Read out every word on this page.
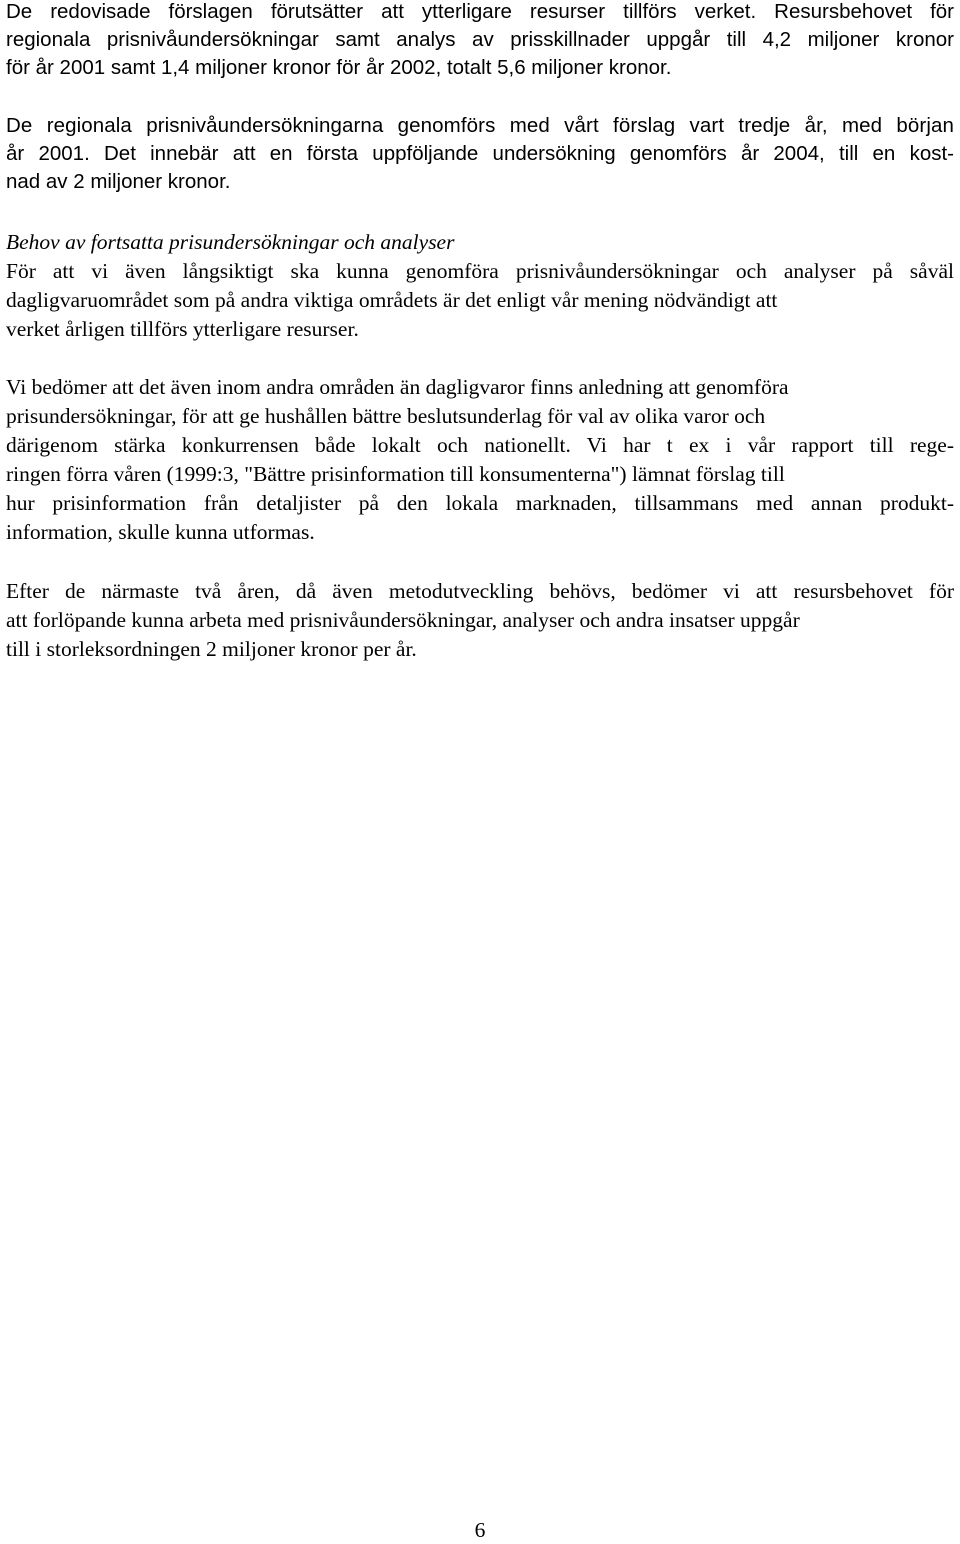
De redovisade förslagen förutsätter att ytterligare resurser tillförs verket. Resursbehovet för
regionala prisnivåundersökningar samt analys av prisskillnader uppgår till 4,2 miljoner kronor
för år 2001 samt 1,4 miljoner kronor för år 2002, totalt 5,6 miljoner kronor.

De regionala prisnivåundersökningarna genomförs med vårt förslag vart tredje år, med början
år 2001. Det innebär att en första uppföljande undersökning genomförs år 2004, till en kost-
nad av 2 miljoner kronor.

Behov av fortsatta prisundersökningar och analyser

För att vi även långsiktigt ska kunna genomföra prisnivåundersökningar och analyser på såväl
dagligvaruområdet som på andra viktiga områdets är det enligt vår mening nödvändigt att
verket årligen tillförs ytterligare resurser.

Vi bedömer att det även inom andra områden än dagligvaror finns anledning att genomföra
prisundersökningar, för att ge hushållen bättre beslutsunderlag för val av olika varor och
därigenom stärka konkurrensen både lokalt och nationellt. Vi har t ex i vår rapport till rege-
ringen förra våren (1999:3, "Bättre prisinformation till konsumenterna") lämnat förslag till
hur prisinformation från detaljister på den lokala marknaden, tillsammans med annan produkt-
information, skulle kunna utformas.

Efter de närmaste två åren, då även metodutveckling behövs, bedömer vi att resursbehovet för
att forlöpande kunna arbeta med prisnivåundersökningar, analyser och andra insatser uppgår
till i storleksordningen 2 miljoner kronor per år.

6
